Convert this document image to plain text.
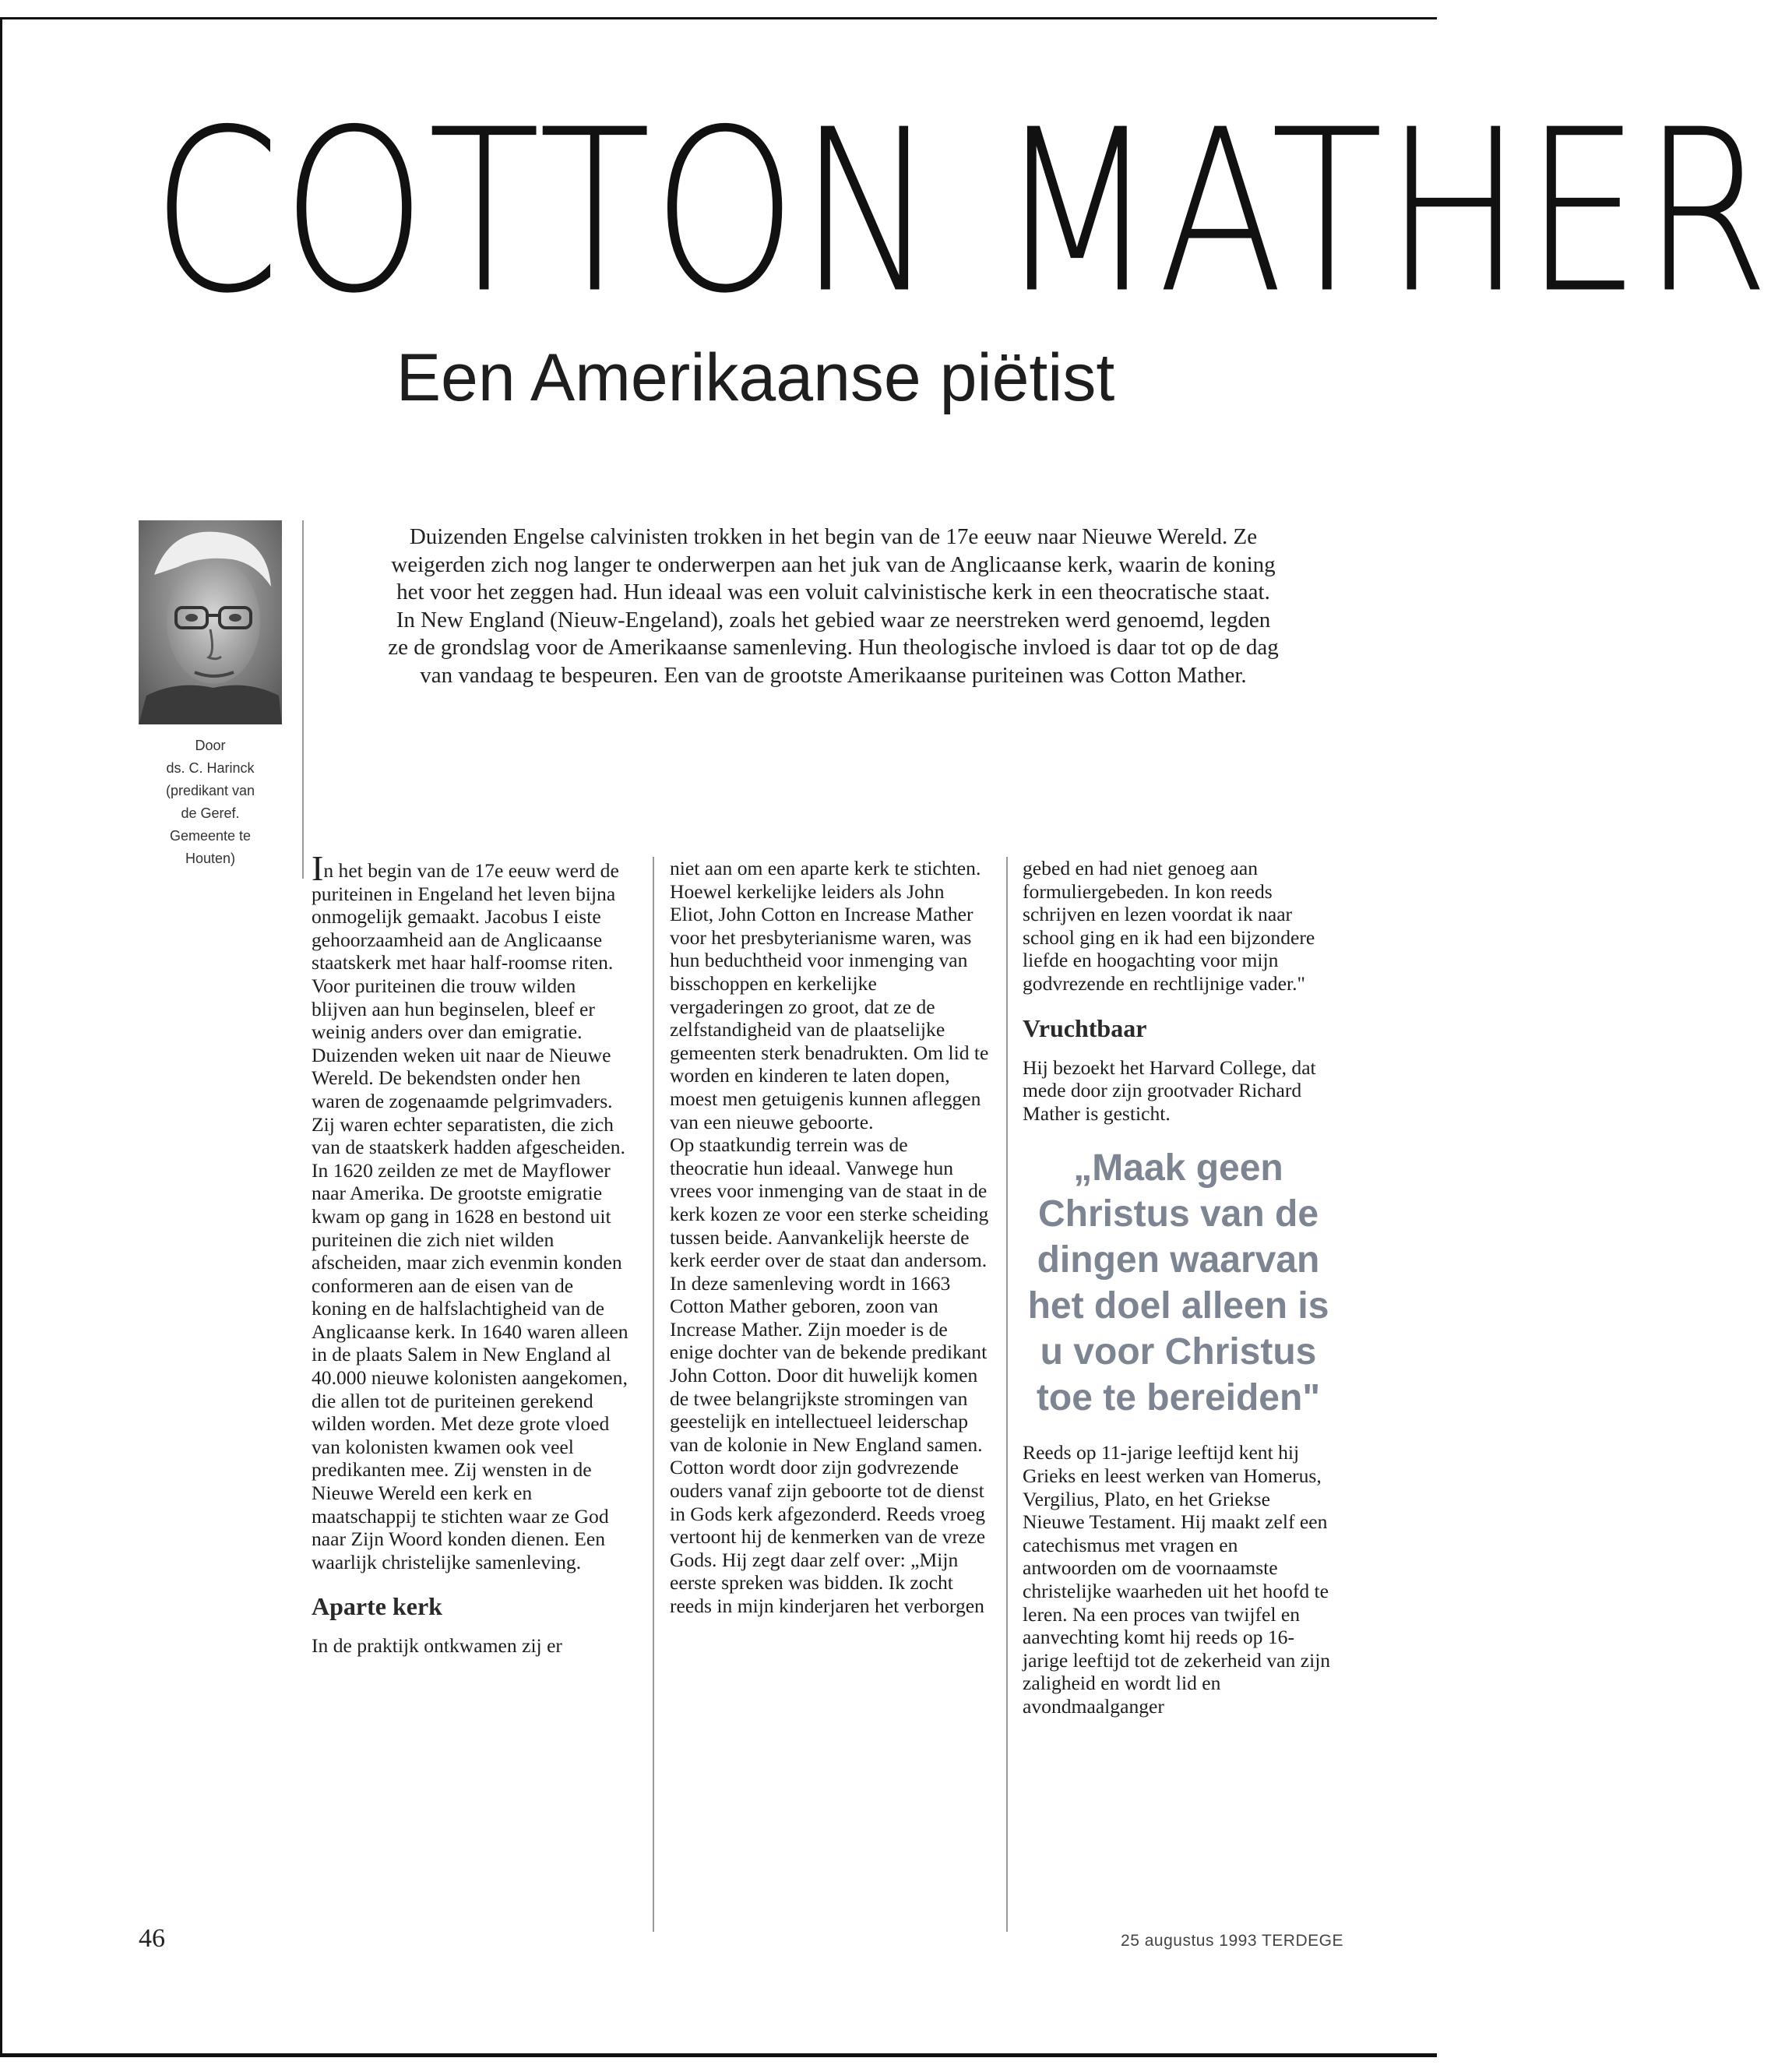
COTTON MATHER
Een Amerikaanse piëtist
Door
ds. C. Harinck
(predikant van
de Geref.
Gemeente te
Houten)

Duizenden Engelse calvinisten trokken in het begin van de 17e eeuw naar Nieuwe Wereld. Ze weigerden zich nog langer te onderwerpen aan het juk van de Anglicaanse kerk, waarin de koning het voor het zeggen had. Hun ideaal was een voluit calvinistische kerk in een theocratische staat. In New England (Nieuw-Engeland), zoals het gebied waar ze neerstreken werd genoemd, legden ze de grondslag voor de Amerikaanse samenleving. Hun theologische invloed is daar tot op de dag van vandaag te bespeuren. Een van de grootste Amerikaanse puriteinen was Cotton Mather.

In het begin van de 17e eeuw werd de puriteinen in Engeland het leven bijna onmogelijk gemaakt. Jacobus I eiste gehoorzaamheid aan de Anglicaanse staatskerk met haar half-roomse riten. Voor puriteinen die trouw wilden blijven aan hun beginselen, bleef er weinig anders over dan emigratie. Duizenden weken uit naar de Nieuwe Wereld. De bekendsten onder hen waren de zogenaamde pelgrimvaders. Zij waren echter separatisten, die zich van de staatskerk hadden afgescheiden. In 1620 zeilden ze met de Mayflower naar Amerika. De grootste emigratie kwam op gang in 1628 en bestond uit puriteinen die zich niet wilden afscheiden, maar zich evenmin konden conformeren aan de eisen van de koning en de halfslachtigheid van de Anglicaanse kerk. In 1640 waren alleen in de plaats Salem in New England al 40.000 nieuwe kolonisten aangekomen, die allen tot de puriteinen gerekend wilden worden. Met deze grote vloed van kolonisten kwamen ook veel predikanten mee. Zij wensten in de Nieuwe Wereld een kerk en maatschappij te stichten waar ze God naar Zijn Woord konden dienen. Een waarlijk christelijke samenleving.

Aparte kerk

In de praktijk ontkwamen zij er

niet aan om een aparte kerk te stichten. Hoewel kerkelijke leiders als John Eliot, John Cotton en Increase Mather voor het presbyterianisme waren, was hun beduchtheid voor inmenging van bisschoppen en kerkelijke vergaderingen zo groot, dat ze de zelfstandigheid van de plaatselijke gemeenten sterk benadrukten. Om lid te worden en kinderen te laten dopen, moest men getuigenis kunnen afleggen van een nieuwe geboorte.

Op staatkundig terrein was de theocratie hun ideaal. Vanwege hun vrees voor inmenging van de staat in de kerk kozen ze voor een sterke scheiding tussen beide. Aanvankelijk heerste de kerk eerder over de staat dan andersom.

In deze samenleving wordt in 1663 Cotton Mather geboren, zoon van Increase Mather. Zijn moeder is de enige dochter van de bekende predikant John Cotton. Door dit huwelijk komen de twee belangrijkste stromingen van geestelijk en intellectueel leiderschap van de kolonie in New England samen. Cotton wordt door zijn godvrezende ouders vanaf zijn geboorte tot de dienst in Gods kerk afgezonderd. Reeds vroeg vertoont hij de kenmerken van de vreze Gods. Hij zegt daar zelf over: „Mijn eerste spreken was bidden. Ik zocht reeds in mijn kinderjaren het verborgen

gebed en had niet genoeg aan formuliergebeden. In kon reeds schrijven en lezen voordat ik naar school ging en ik had een bijzondere liefde en hoogachting voor mijn godvrezende en rechtlijnige vader."

Vruchtbaar

Hij bezoekt het Harvard College, dat mede door zijn grootvader Richard Mather is gesticht.

„Maak geen Christus van de dingen waarvan het doel alleen is u voor Christus toe te bereiden"

Reeds op 11-jarige leeftijd kent hij Grieks en leest werken van Homerus, Vergilius, Plato, en het Griekse Nieuwe Testament. Hij maakt zelf een catechismus met vragen en antwoorden om de voornaamste christelijke waarheden uit het hoofd te leren. Na een proces van twijfel en aanvechting komt hij reeds op 16-jarige leeftijd tot de zekerheid van zijn zaligheid en wordt lid en avondmaalganger

46	25 augustus 1993 TERDEGE
